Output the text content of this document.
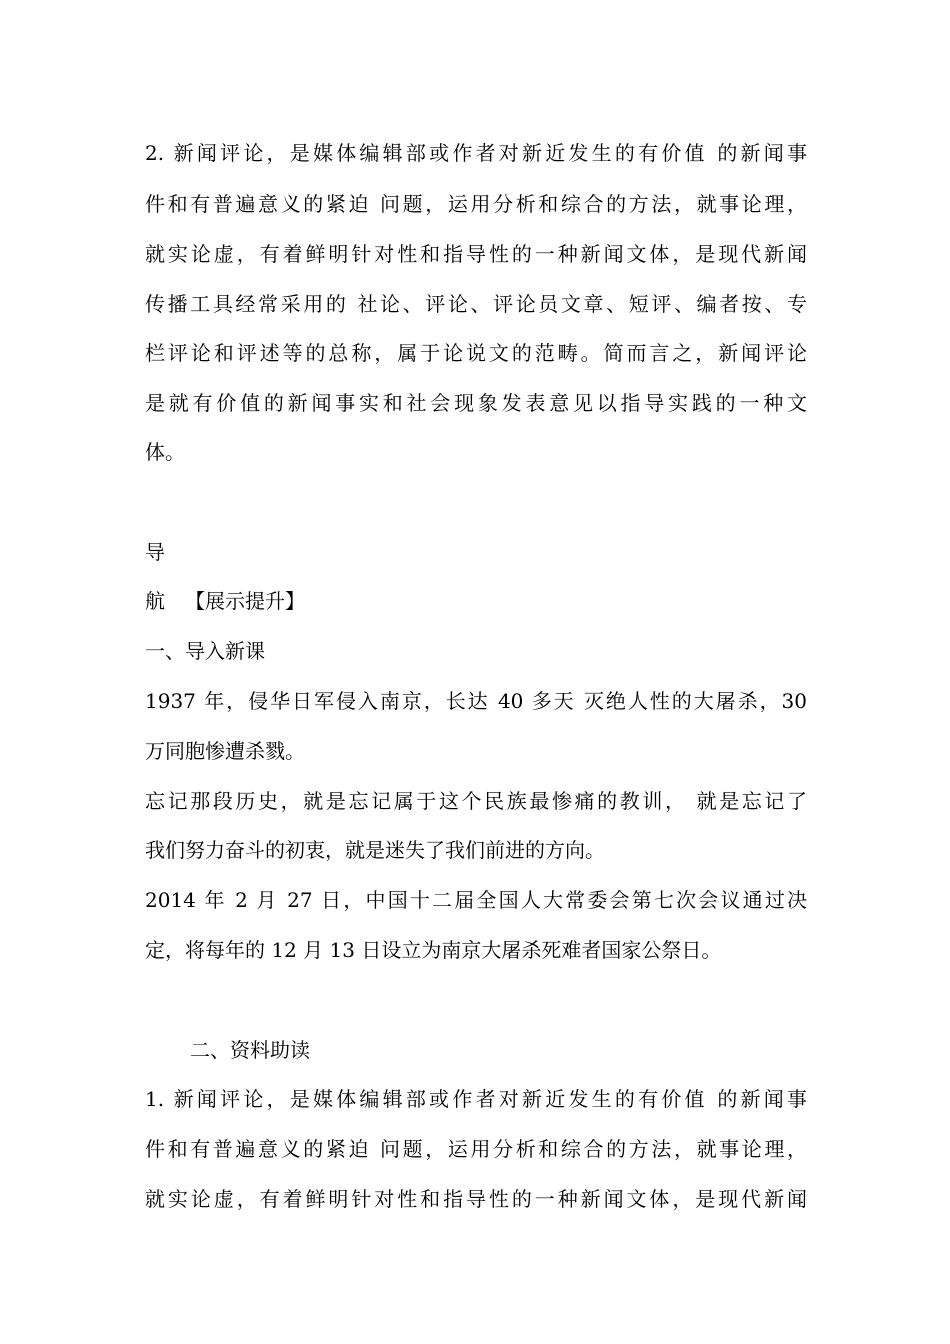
2. 新闻评论，是媒体编辑部或作者对新近发生的有价值 的新闻事

件和有普遍意义的紧迫 问题，运用分析和综合的方法，就事论理，

就实论虚，有着鲜明针对性和指导性的一种新闻文体，是现代新闻

传播工具经常采用的 社论、评论、评论员文章、短评、编者按、专

栏评论和评述等的总称，属于论说文的范畴。简而言之，新闻评论

是就有价值的新闻事实和社会现象发表意见以指导实践的一种文

体。

导

航 【展示提升】

一、导入新课

1937 年，侵华日军侵入南京，长达 40 多天 灭绝人性的大屠杀，30

万同胞惨遭杀戮。

忘记那段历史，就是忘记属于这个民族最惨痛的教训， 就是忘记了

我们努力奋斗的初衷，就是迷失了我们前进的方向。

2014 年 2 月 27 日，中国十二届全国人大常委会第七次会议通过决

定，将每年的 12 月 13 日设立为南京大屠杀死难者国家公祭日。

二、资料助读

1. 新闻评论，是媒体编辑部或作者对新近发生的有价值 的新闻事

件和有普遍意义的紧迫 问题，运用分析和综合的方法，就事论理，

就实论虚，有着鲜明针对性和指导性的一种新闻文体，是现代新闻
